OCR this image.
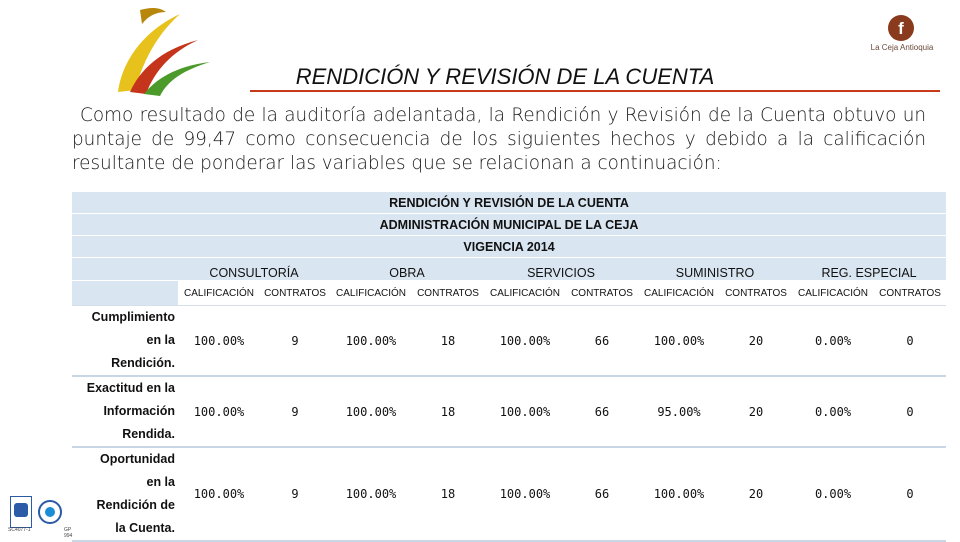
f
La Ceja Antioquia
RENDICIÓN Y REVISIÓN DE LA CUENTA
Como resultado de la auditoría adelantada, la Rendición y Revisión de la Cuenta obtuvo un puntaje de 99,47 como consecuencia de los siguientes hechos y debido a la calificación resultante de ponderar las variables que se relacionan a continuación:
RENDICIÓN Y REVISIÓN DE LA CUENTA										
ADMINISTRACIÓN MUNICIPAL DE LA CEJA										
VIGENCIA 2014										
	CONSULTORÍA		OBRA		SERVICIOS		SUMINISTRO		REG. ESPECIAL	
	CALIFICACIÓN	CONTRATOS	CALIFICACIÓN	CONTRATOS	CALIFICACIÓN	CONTRATOS	CALIFICACIÓN	CONTRATOS	CALIFICACIÓN	CONTRATOS
Cumplimiento
en la
Rendición.	100.00%	9	100.00%	18	100.00%	66	100.00%	20	0.00%	0
Exactitud en la
Información
Rendida.	100.00%	9	100.00%	18	100.00%	66	95.00%	20	0.00%	0
Oportunidad
en la
Rendición de
la Cuenta.	100.00%	9	100.00%	18	100.00%	66	100.00%	20	0.00%	0
SC4077-1	GP 994
